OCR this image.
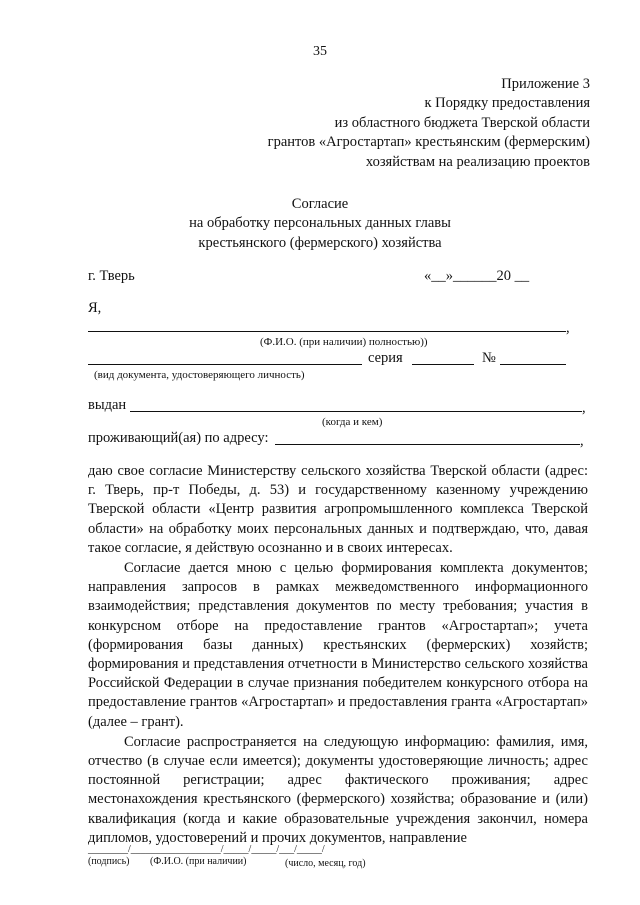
35
Приложение 3
к Порядку предоставления
из областного бюджета Тверской области
грантов «Агростартап» крестьянским (фермерским)
хозяйствам на реализацию проектов
Согласие
на обработку персональных данных главы
крестьянского (фермерского) хозяйства
г. Тверь	«__»______20 __
Я,
,
(Ф.И.О. (при наличии) полностью))
серия	№
(вид документа, удостоверяющего личность)
выдан	,
(когда и кем)
проживающий(ая) по адресу:	,

даю свое согласие Министерству сельского хозяйства Тверской области (адрес: г. Тверь, пр-т Победы, д. 53) и государственному казенному учреждению Тверской области «Центр развития агропромышленного комплекса Тверской области» на обработку моих персональных данных и подтверждаю, что, давая такое согласие, я действую осознанно и в своих интересах.

Согласие дается мною с целью формирования комплекта документов; направления запросов в рамках межведомственного информационного взаимодействия; представления документов по месту требования; участия в конкурсном отборе на предоставление грантов «Агростартап»; учета (формирования базы данных) крестьянских (фермерских) хозяйств; формирования и представления отчетности в Министерство сельского хозяйства Российской Федерации в случае признания победителем конкурсного отбора на предоставление грантов «Агростартап» и предоставления гранта «Агростартап» (далее – грант).

Согласие распространяется на следующую информацию: фамилия, имя, отчество (в случае если имеется); документы удостоверяющие личность; адрес постоянной регистрации; адрес фактического проживания; адрес местонахождения крестьянского (фермерского) хозяйства; образование и (или) квалификация (когда и какие образовательные учреждения закончил, номера дипломов, удостоверений и прочих документов, направление

________/__________________/_____/_____/___/_____/
(подпись) (Ф.И.О. (при наличии)	(число, месяц, год)
